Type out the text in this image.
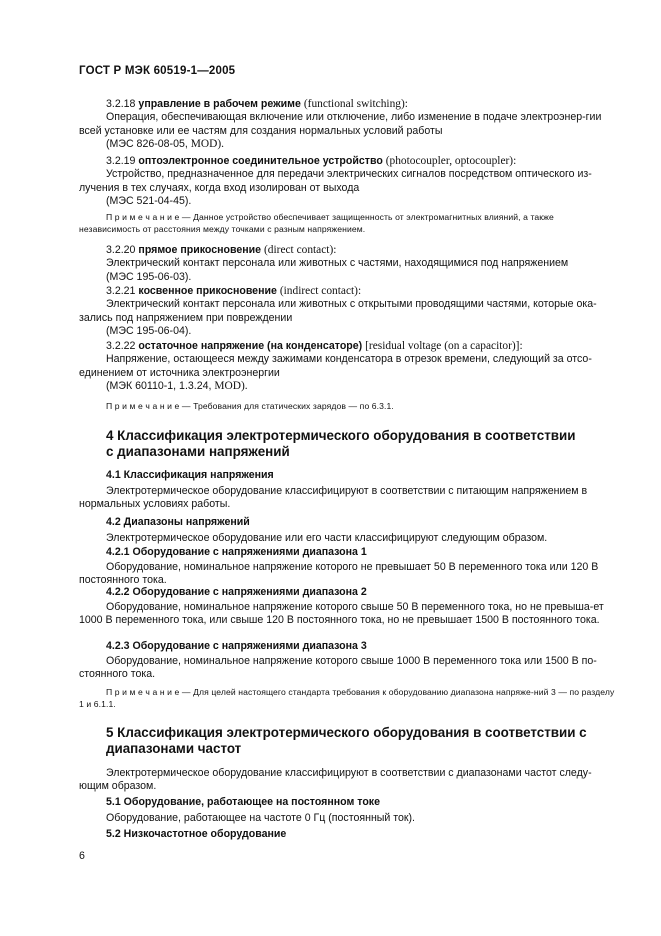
ГОСТ Р МЭК 60519-1—2005

3.2.18 управление в рабочем режиме (functional switching):

Операция, обеспечивающая включение или отключение, либо изменение в подаче электроэнер-гии всей установке или ее частям для создания нормальных условий работы

(МЭС 826-08-05, MOD).

3.2.19 оптоэлектронное соединительное устройство (photocoupler, optocoupler):

Устройство, предназначенное для передачи электрических сигналов посредством оптического из-лучения в тех случаях, когда вход изолирован от выхода

(МЭС 521-04-45).

П р и м е ч а н и е — Данное устройство обеспечивает защищенность от электромагнитных влияний, а также независимость от расстояния между точками с разным напряжением.

3.2.20 прямое прикосновение (direct contact):

Электрический контакт персонала или животных с частями, находящимися под напряжением

(МЭС 195-06-03).

3.2.21 косвенное прикосновение (indirect contact):

Электрический контакт персонала или животных с открытыми проводящими частями, которые ока-зались под напряжением при повреждении

(МЭС 195-06-04).

3.2.22 остаточное напряжение (на конденсаторе) [residual voltage (on a capacitor)]:

Напряжение, остающееся между зажимами конденсатора в отрезок времени, следующий за отсо-единением от источника электроэнергии

(МЭК 60110-1, 1.3.24, MOD).

П р и м е ч а н и е — Требования для статических зарядов — по 6.3.1.
4 Классификация электротермического оборудования в соответствии
с диапазонами напряжений
4.1 Классификация напряжения
Электротермическое оборудование классифицируют в соответствии с питающим напряжением в нормальных условиях работы.
4.2 Диапазоны напряжений
Электротермическое оборудование или его части классифицируют следующим образом.
4.2.1 Оборудование с напряжениями диапазона 1
Оборудование, номинальное напряжение которого не превышает 50 В переменного тока или 120 В постоянного тока.
4.2.2 Оборудование с напряжениями диапазона 2
Оборудование, номинальное напряжение которого свыше 50 В переменного тока, но не превыша-ет 1000 В переменного тока, или свыше 120 В постоянного тока, но не превышает 1500 В постоянного тока.
4.2.3 Оборудование с напряжениями диапазона 3
Оборудование, номинальное напряжение которого свыше 1000 В переменного тока или 1500 В по-стоянного тока.
П р и м е ч а н и е — Для целей настоящего стандарта требования к оборудованию диапазона напряже-ний 3 — по разделу 1 и 6.1.1.
5 Классификация электротермического оборудования в соответствии с
диапазонами частот
Электротермическое оборудование классифицируют в соответствии с диапазонами частот следу-ющим образом.
5.1 Оборудование, работающее на постоянном токе
Оборудование, работающее на частоте 0 Гц (постоянный ток).
5.2 Низкочастотное оборудование
6
